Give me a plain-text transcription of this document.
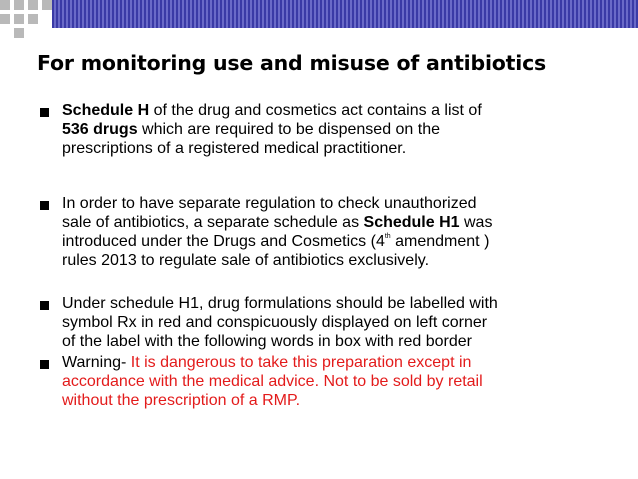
For monitoring use and misuse of antibiotics
Schedule H of the drug and cosmetics act contains a list of
536 drugs which are required to be dispensed on the
prescriptions of a registered medical practitioner.
In order to have separate regulation to check unauthorized
sale of antibiotics, a separate schedule as Schedule H1 was
introduced under the Drugs and Cosmetics (4th amendment )
rules 2013 to regulate sale of antibiotics exclusively.
Under schedule H1, drug formulations should be labelled with
symbol Rx in red and conspicuously displayed on left corner
of the label with the following words in box with red border
Warning- It is dangerous to take this preparation except in
accordance with the medical advice. Not to be sold by retail
without the prescription of a RMP.
